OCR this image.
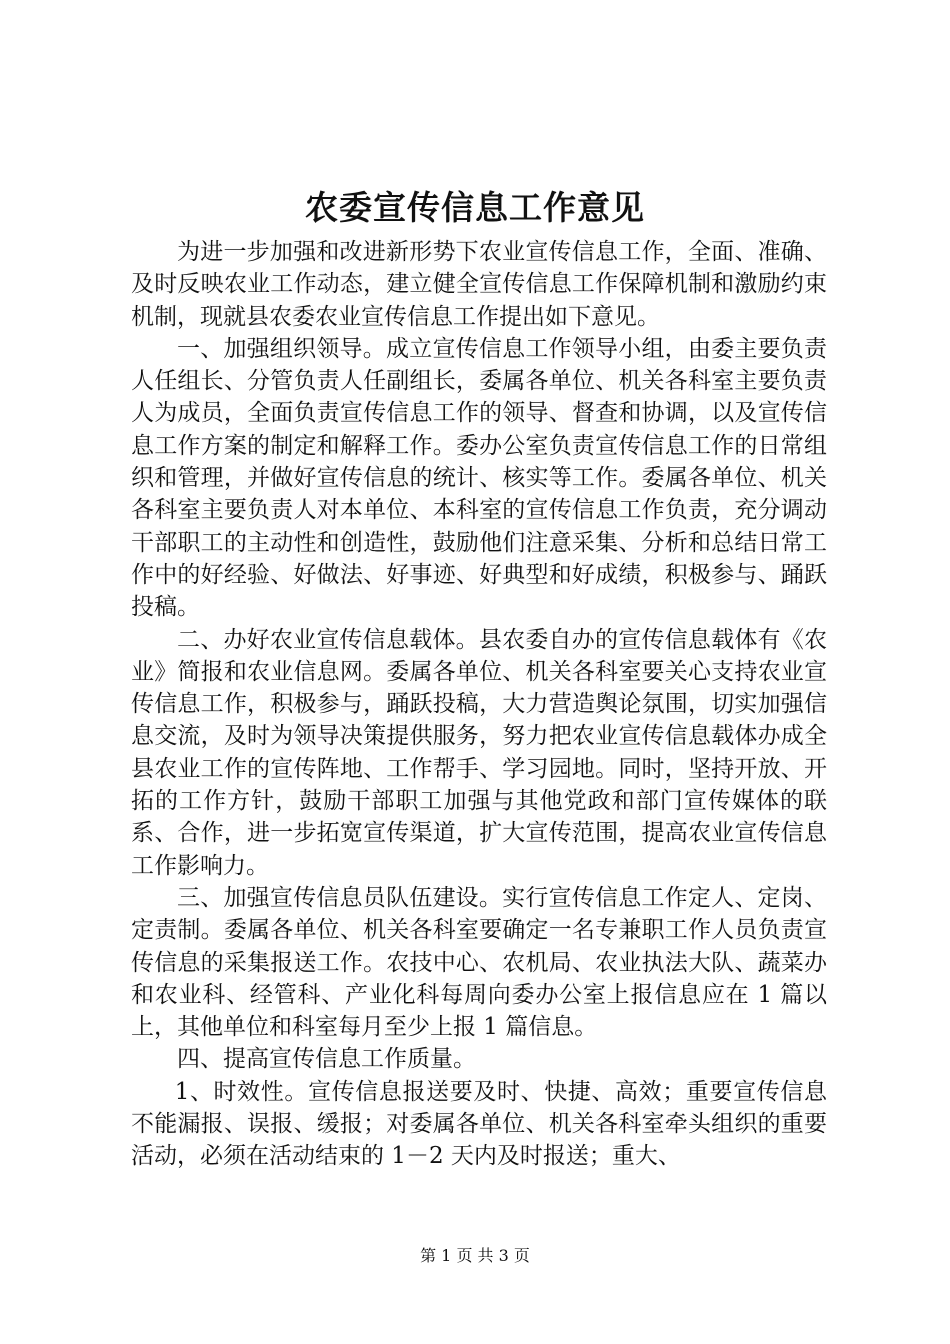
农委宣传信息工作意见

为进一步加强和改进新形势下农业宣传信息工作，全面、准确、及时反映农业工作动态，建立健全宣传信息工作保障机制和激励约束机制，现就县农委农业宣传信息工作提出如下意见。

一、加强组织领导。成立宣传信息工作领导小组，由委主要负责人任组长、分管负责人任副组长，委属各单位、机关各科室主要负责人为成员，全面负责宣传信息工作的领导、督查和协调，以及宣传信息工作方案的制定和解释工作。委办公室负责宣传信息工作的日常组织和管理，并做好宣传信息的统计、核实等工作。委属各单位、机关各科室主要负责人对本单位、本科室的宣传信息工作负责，充分调动干部职工的主动性和创造性，鼓励他们注意采集、分析和总结日常工作中的好经验、好做法、好事迹、好典型和好成绩，积极参与、踊跃投稿。

二、办好农业宣传信息载体。县农委自办的宣传信息载体有《农业》简报和农业信息网。委属各单位、机关各科室要关心支持农业宣传信息工作，积极参与，踊跃投稿，大力营造舆论氛围，切实加强信息交流，及时为领导决策提供服务，努力把农业宣传信息载体办成全县农业工作的宣传阵地、工作帮手、学习园地。同时，坚持开放、开拓的工作方针，鼓励干部职工加强与其他党政和部门宣传媒体的联系、合作，进一步拓宽宣传渠道，扩大宣传范围，提高农业宣传信息工作影响力。

三、加强宣传信息员队伍建设。实行宣传信息工作定人、定岗、定责制。委属各单位、机关各科室要确定一名专兼职工作人员负责宣传信息的采集报送工作。农技中心、农机局、农业执法大队、蔬菜办和农业科、经管科、产业化科每周向委办公室上报信息应在 1 篇以上，其他单位和科室每月至少上报 1 篇信息。

四、提高宣传信息工作质量。

1、时效性。宣传信息报送要及时、快捷、高效；重要宣传信息不能漏报、误报、缓报；对委属各单位、机关各科室牵头组织的重要活动，必须在活动结束的 1－2 天内及时报送；重大、

第 1 页 共 3 页
